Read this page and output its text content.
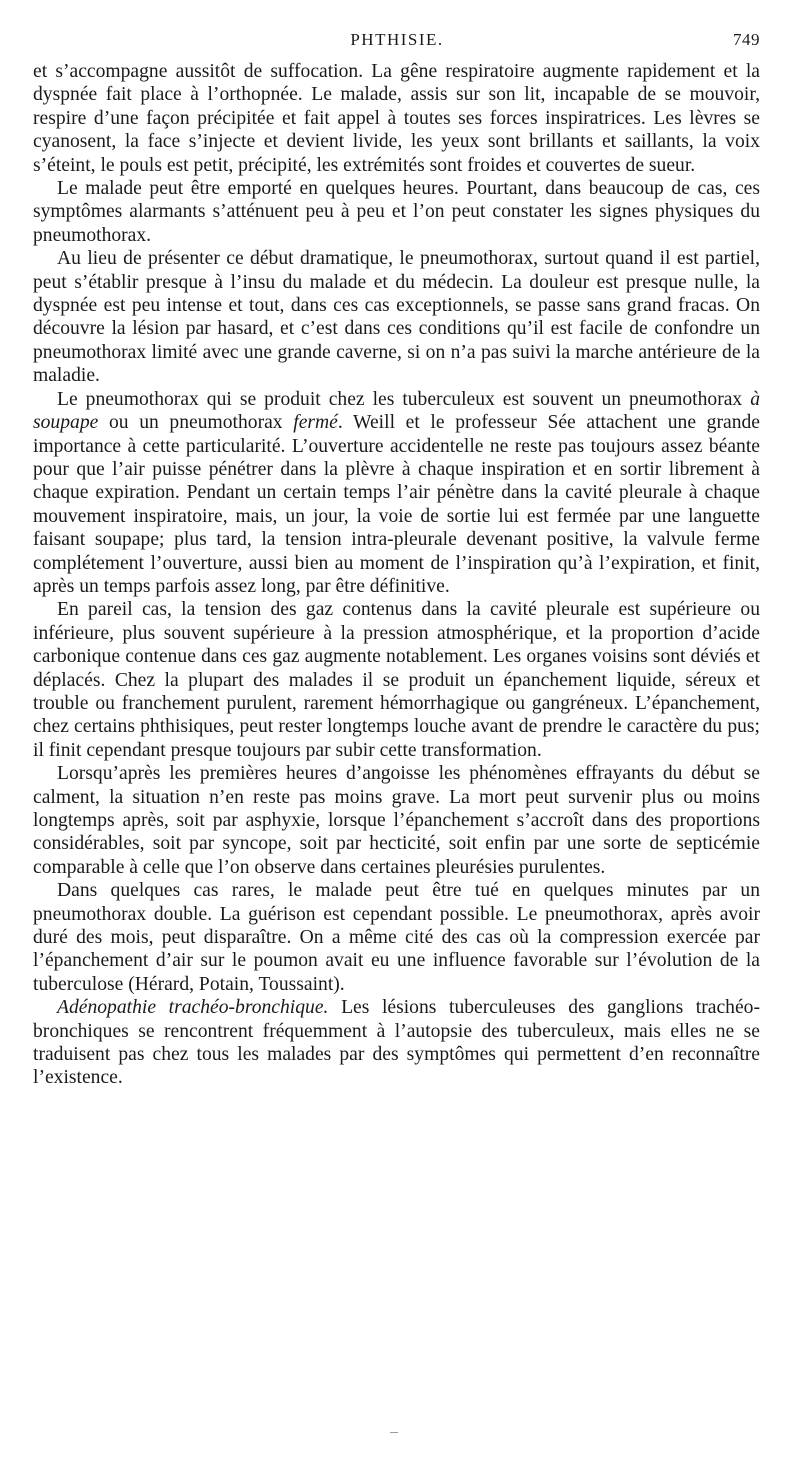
PHTHISIE.	749

et s’accompagne aussitôt de suffocation. La gêne respiratoire augmente rapidement et la dyspnée fait place à l’orthopnée. Le malade, assis sur son lit, incapable de se mouvoir, respire d’une façon précipitée et fait appel à toutes ses forces inspiratrices. Les lèvres se cyanosent, la face s’injecte et devient livide, les yeux sont brillants et saillants, la voix s’éteint, le pouls est petit, précipité, les extrémités sont froides et couvertes de sueur.

Le malade peut être emporté en quelques heures. Pourtant, dans beaucoup de cas, ces symptômes alarmants s’atténuent peu à peu et l’on peut constater les signes physiques du pneumothorax.

Au lieu de présenter ce début dramatique, le pneumothorax, surtout quand il est partiel, peut s’établir presque à l’insu du malade et du médecin. La douleur est presque nulle, la dyspnée est peu intense et tout, dans ces cas exceptionnels, se passe sans grand fracas. On découvre la lésion par hasard, et c’est dans ces conditions qu’il est facile de confondre un pneumothorax limité avec une grande caverne, si on n’a pas suivi la marche antérieure de la maladie.

Le pneumothorax qui se produit chez les tuberculeux est souvent un pneumothorax à soupape ou un pneumothorax fermé. Weill et le professeur Sée attachent une grande importance à cette particularité. L’ouverture accidentelle ne reste pas toujours assez béante pour que l’air puisse pénétrer dans la plèvre à chaque inspiration et en sortir librement à chaque expiration. Pendant un certain temps l’air pénètre dans la cavité pleurale à chaque mouvement inspiratoire, mais, un jour, la voie de sortie lui est fermée par une languette faisant soupape; plus tard, la tension intra-pleurale devenant positive, la valvule ferme complétement l’ouverture, aussi bien au moment de l’inspiration qu’à l’expiration, et finit, après un temps parfois assez long, par être définitive.

En pareil cas, la tension des gaz contenus dans la cavité pleurale est supérieure ou inférieure, plus souvent supérieure à la pression atmosphérique, et la proportion d’acide carbonique contenue dans ces gaz augmente notablement. Les organes voisins sont déviés et déplacés. Chez la plupart des malades il se produit un épanchement liquide, séreux et trouble ou franchement purulent, rarement hémorrhagique ou gangréneux. L’épanchement, chez certains phthisiques, peut rester longtemps louche avant de prendre le caractère du pus; il finit cependant presque toujours par subir cette transformation.

Lorsqu’après les premières heures d’angoisse les phénomènes effrayants du début se calment, la situation n’en reste pas moins grave. La mort peut survenir plus ou moins longtemps après, soit par asphyxie, lorsque l’épanchement s’accroît dans des proportions considérables, soit par syncope, soit par hecticité, soit enfin par une sorte de septicémie comparable à celle que l’on observe dans certaines pleurésies purulentes.

Dans quelques cas rares, le malade peut être tué en quelques minutes par un pneumothorax double. La guérison est cependant possible. Le pneumothorax, après avoir duré des mois, peut disparaître. On a même cité des cas où la compression exercée par l’épanchement d’air sur le poumon avait eu une influence favorable sur l’évolution de la tuberculose (Hérard, Potain, Toussaint).

Adénopathie trachéo-bronchique. Les lésions tuberculeuses des ganglions trachéo-bronchiques se rencontrent fréquemment à l’autopsie des tuberculeux, mais elles ne se traduisent pas chez tous les malades par des symptômes qui permettent d’en reconnaître l’existence.
